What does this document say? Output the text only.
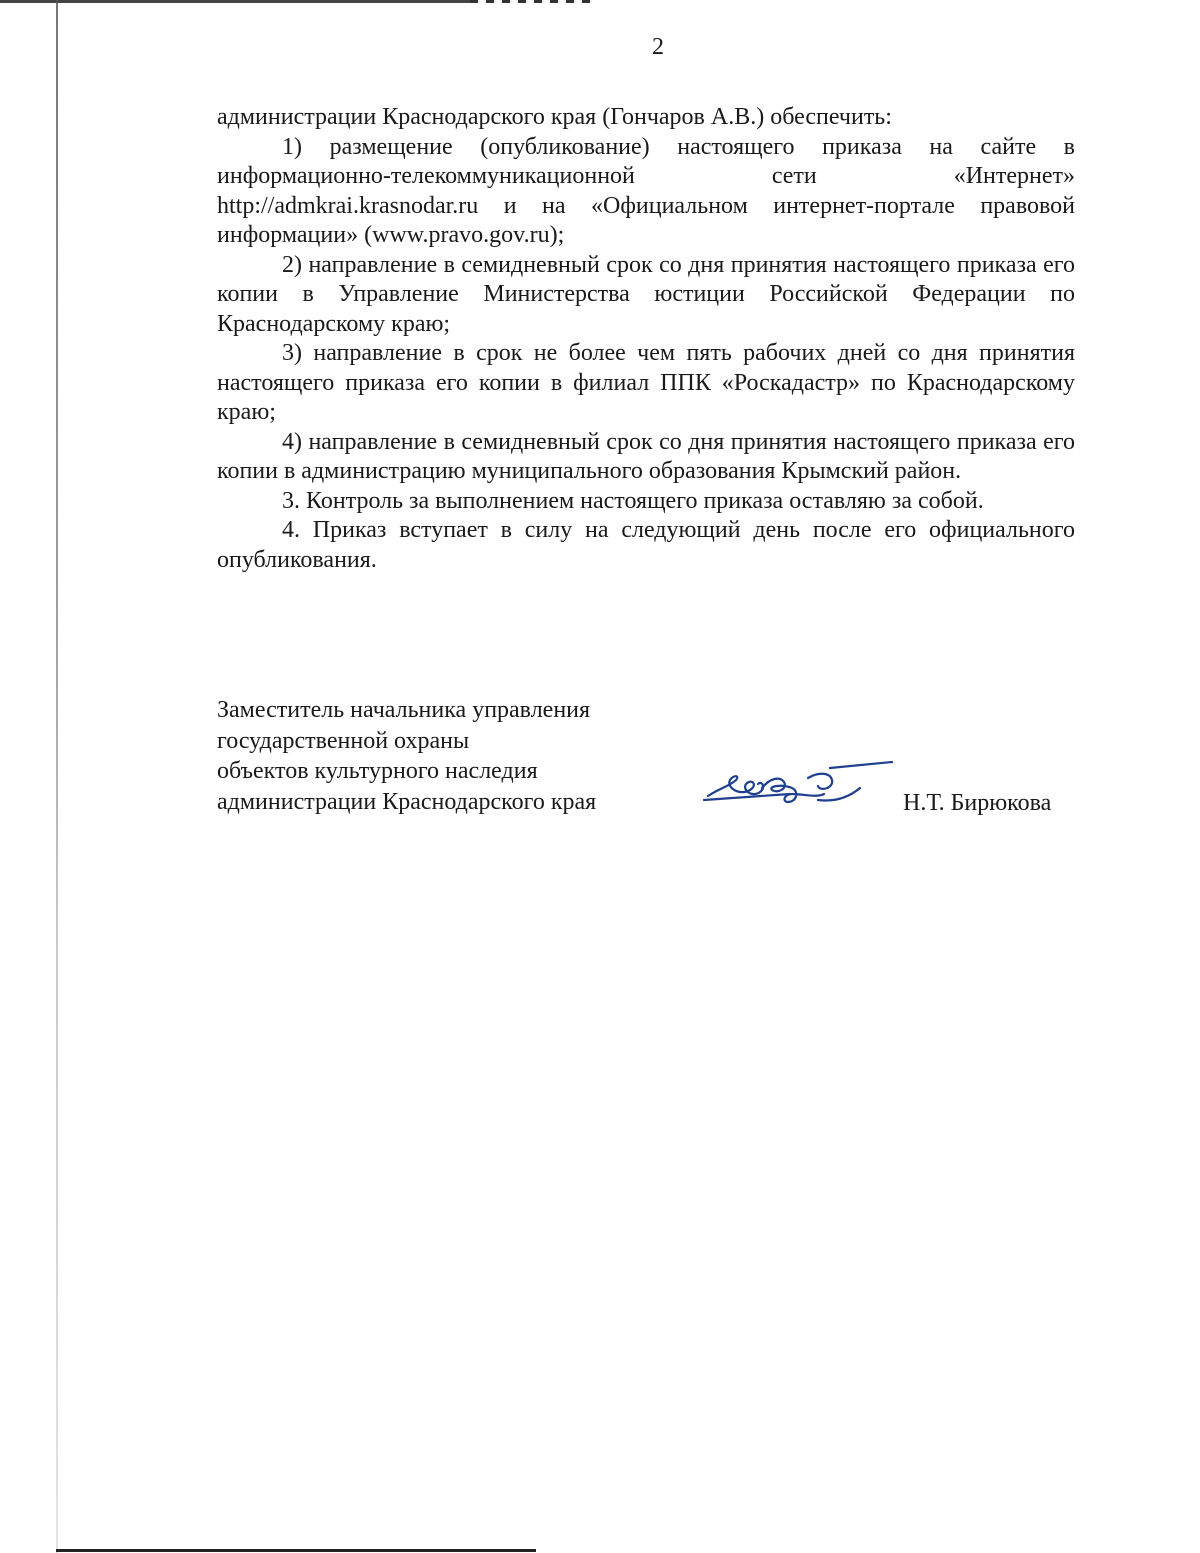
2

администрации Краснодарского края (Гончаров А.В.) обеспечить:

1) размещение (опубликование) настоящего приказа на сайте в информационно-телекоммуникационной сети «Интернет» http://admkrai.krasnodar.ru и на «Официальном интернет-портале правовой информации» (www.pravo.gov.ru);

2) направление в семидневный срок со дня принятия настоящего приказа его копии в Управление Министерства юстиции Российской Федерации по Краснодарскому краю;

3) направление в срок не более чем пять рабочих дней со дня принятия настоящего приказа его копии в филиал ППК «Роскадастр» по Краснодарскому краю;

4) направление в семидневный срок со дня принятия настоящего приказа его копии в администрацию муниципального образования Крымский район.

3. Контроль за выполнением настоящего приказа оставляю за собой.

4. Приказ вступает в силу на следующий день после его официального опубликования.

Заместитель начальника управления
государственной охраны
объектов культурного наследия
администрации Краснодарского края	Н.Т. Бирюкова
